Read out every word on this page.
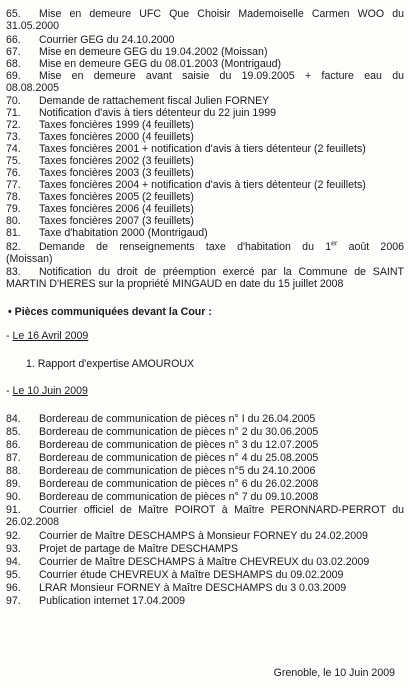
65. Mise en demeure UFC Que Choisir Mademoiselle Carmen WOO du
31.05.2000
66. Courrier GEG du 24.10.2000
67. Mise en demeure GEG du 19.04.2002 (Moissan)
68. Mise en demeure GEG du 08.01.2003 (Montrigaud)
69. Mise en demeure avant saisie du 19.09.2005 + facture eau du
08.08.2005
70. Demande de rattachement fiscal Julien FORNEY
71. Notification d'avis à tiers détenteur du 22 juin 1999
72. Taxes foncières 1999 (4 feuillets)
73. Taxes foncières 2000 (4 feuillets)
74. Taxes foncières 2001 + notification d'avis à tiers détenteur (2 feuillets)
75. Taxes foncières 2002 (3 feuillets)
76. Taxes foncières 2003 (3 feuillets)
77. Taxes foncières 2004 + notification d'avis à tiers détenteur (2 feuillets)
78. Taxes foncières 2005 (2 feuillets)
79. Taxes foncières 2006 (4 feuillets)
80. Taxes foncières 2007 (3 feuillets)
81. Taxe d'habitation 2000 (Montrigaud)
82. Demande de renseignements taxe d'habitation du 1er août 2006
(Moissan)
83. Notification du droit de préemption exercé par la Commune de SAINT
MARTIN D'HERES sur la propriété MINGAUD en date du 15 juillet 2008
• Pièces communiquées devant la Cour :
- Le 16 Avril 2009
1. Rapport d'expertise AMOUROUX
- Le 10 Juin 2009
84. Bordereau de communication de pièces n° I du 26.04.2005
85. Bordereau de communication de pièces n° 2 du 30.06.2005
86. Bordereau de communication de pièces n° 3 du 12.07.2005
87. Bordereau de communication de pièces n° 4 du 25.08.2005
88. Bordereau de communication de pièces n°5 du 24.10.2006
89. Bordereau de communication de pièces n° 6 du 26.02.2008
90. Bordereau de communication de pièces n° 7 du 09.10.2008
91. Courrier officiel de Maître POIROT à Maître PERONNARD-PERROT du
26.02.2008
92. Courrier de Maître DESCHAMPS à Monsieur FORNEY du 24.02.2009
93. Projet de partage de Maître DESCHAMPS
94. Courrier de Maître DESCHAMPS à Maître CHEVREUX du 03.02.2009
95. Courrier étude CHEVREUX à Maître DESHAMPS du 09.02.2009
96. LRAR Monsieur FORNEY à Maître DESCHAMPS du 3 0.03.2009
97. Publication internet 17.04.2009
Grenoble, le 10 Juin 2009
